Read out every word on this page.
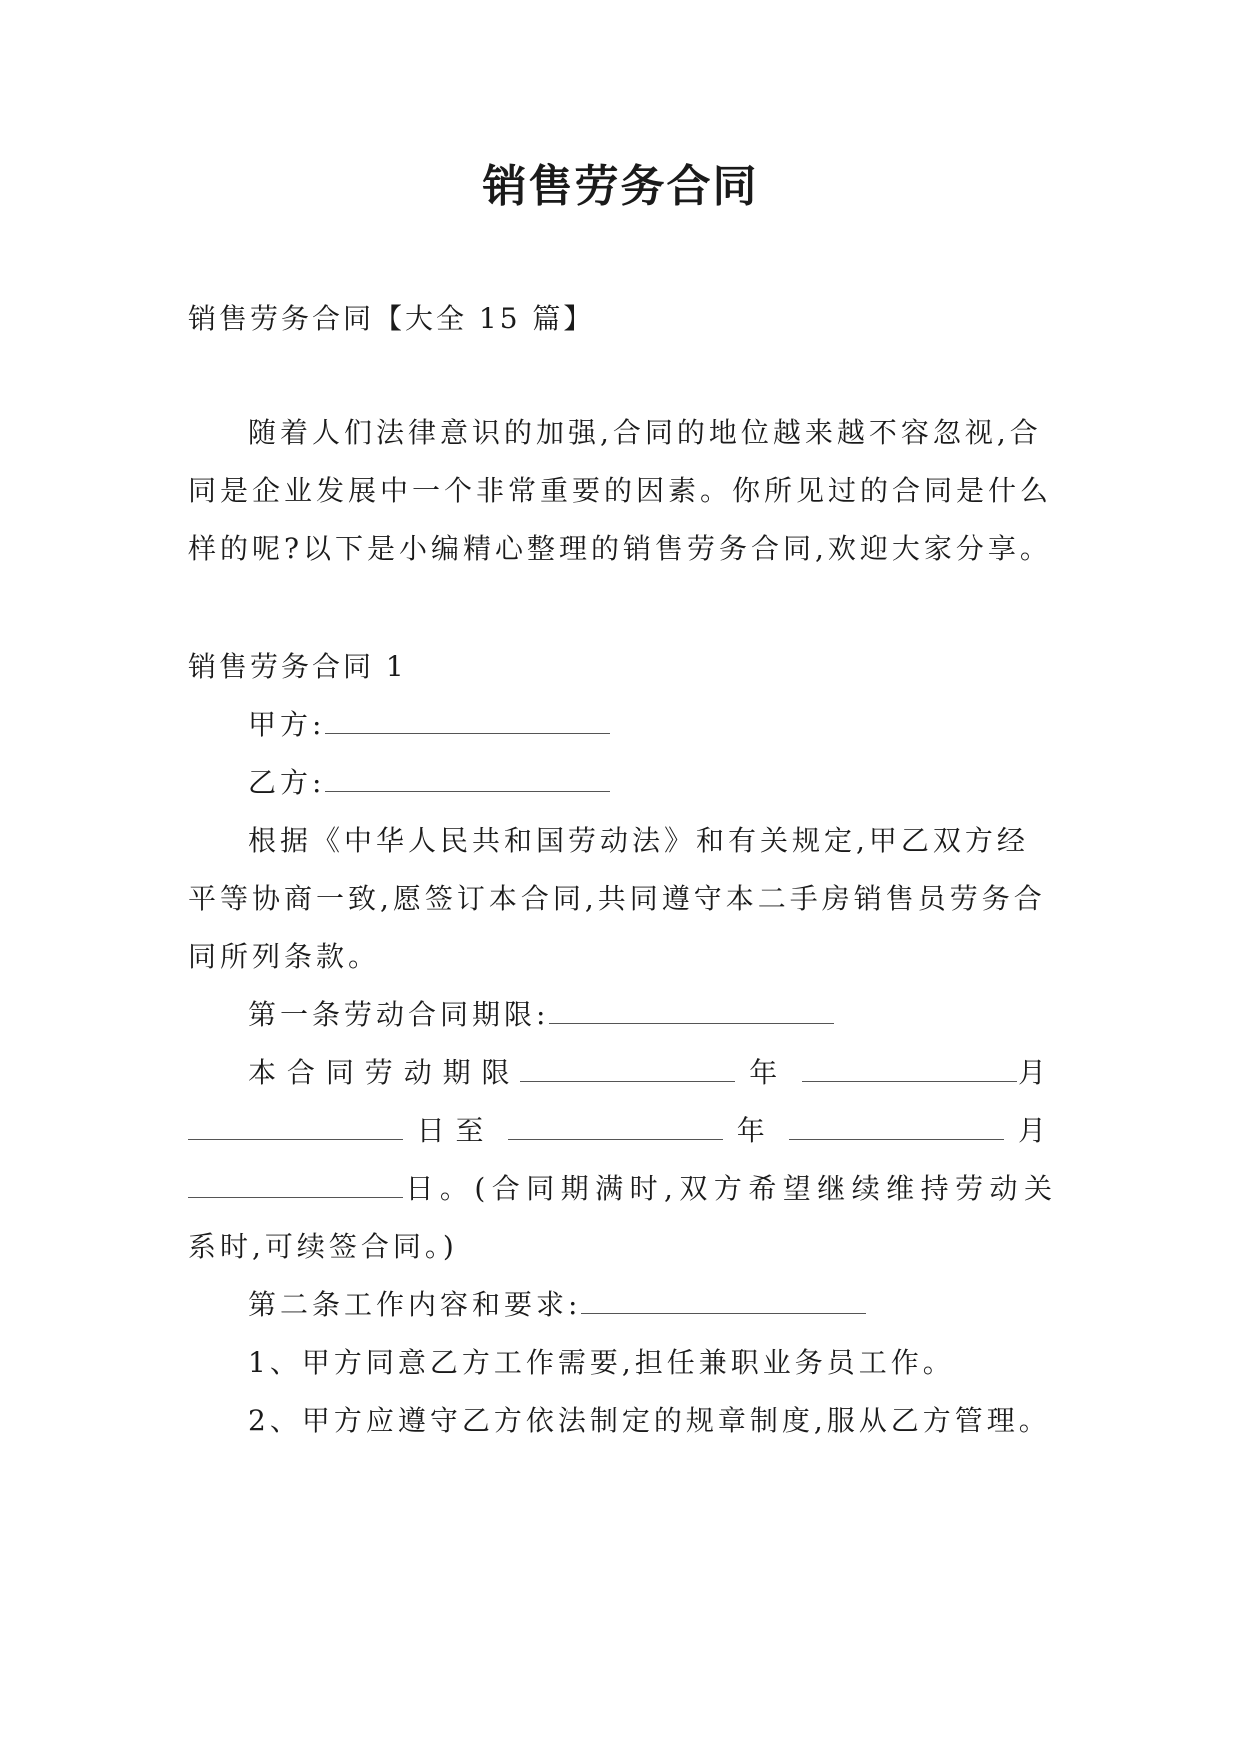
销售劳务合同

销售劳务合同【大全 15 篇】

随着人们法律意识的加强,合同的地位越来越不容忽视,合同是企业发展中一个非常重要的因素。你所见过的合同是什么样的呢?以下是小编精心整理的销售劳务合同,欢迎大家分享。

销售劳务合同 1

甲方:

乙方:

根据《中华人民共和国劳动法》和有关规定,甲乙双方经平等协商一致,愿签订本合同,共同遵守本二手房销售员劳务合同所列条款。

第一条劳动合同期限:

本合同劳动期限	年	月

日至	年	月

日。(合同期满时,双方希望继续维持劳动关

系时,可续签合同。)

第二条工作内容和要求:

1、甲方同意乙方工作需要,担任兼职业务员工作。

2、甲方应遵守乙方依法制定的规章制度,服从乙方管理。
